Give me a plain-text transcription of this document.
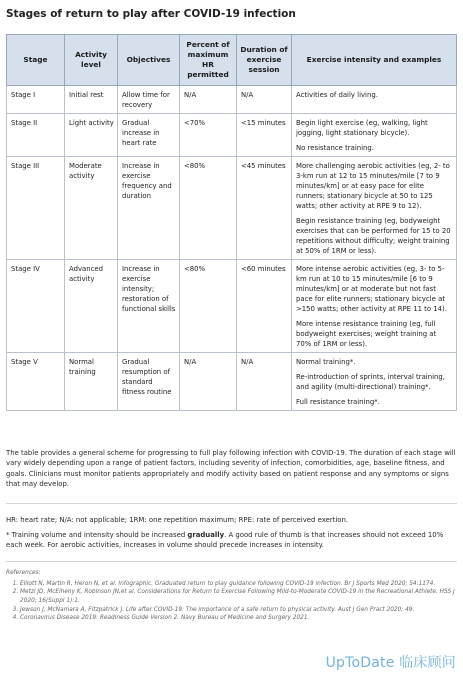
Stages of return to play after COVID-19 infection
Stage	Activity level	Objectives	Percent of maximum HR permitted	Duration of exercise session	Exercise intensity and examples
Stage I	Initial rest	Allow time for recovery	N/A	N/A	Activities of daily living.

Stage II	Light activity	Gradual increase in heart rate	<70%	<15 minutes	Begin light exercise (eg, walking, light jogging, light stationary bicycle).

No resistance training.

Stage III	Moderate activity	Increase in exercise frequency and duration	<80%	<45 minutes	More challenging aerobic activities (eg, 2- to 3-km run at 12 to 15 minutes/mile [7 to 9 minutes/km] or at easy pace for elite runners; stationary bicycle at 50 to 125 watts; other activity at RPE 9 to 12).

Begin resistance training (eg, bodyweight exercises that can be performed for 15 to 20 repetitions without difficulty; weight training at 50% of 1RM or less).

Stage IV	Advanced activity	Increase in exercise intensity; restoration of functional skills	<80%	<60 minutes	More intense aerobic activities (eg, 3- to 5-km run at 10 to 15 minutes/mile [6 to 9 minutes/km] or at moderate but not fast pace for elite runners; stationary bicycle at >150 watts; other activity at RPE 11 to 14).

More intense resistance training (eg, full bodyweight exercises; weight training at 70% of 1RM or less).

Stage V	Normal training	Gradual resumption of standard fitness routine	N/A	N/A	Normal training*.

Re-introduction of sprints, interval training, and agility (multi-directional) training*.

Full resistance training*.

The table provides a general scheme for progressing to full play following infection with COVID-19. The duration of each stage will vary widely depending upon a range of patient factors, including severity of infection, comorbidities, age, baseline fitness, and goals. Clinicians must monitor patients appropriately and modify activity based on patient response and any symptoms or signs that may develop.
HR: heart rate; N/A: not applicable; 1RM: one repetition maximum; RPE: rate of perceived exertion.
* Training volume and intensity should be increased gradually. A good rule of thumb is that increases should not exceed 10% each week. For aerobic activities, increases in volume should precede increases in intensity.
References:
1. Elliott N, Martin R, Heron N, et al. Infographic. Graduated return to play guidance following COVID-19 infection. Br J Sports Med 2020; 54:1174.
2. Metzl JD, McElheny K, Robinson JN,et al. Considerations for Return to Exercise Following Mild-to-Moderate COVID-19 in the Recreational Athlete. HSS J 2020; 16(Suppl 1):1.
3. Jewson J, McNamara A, Fitzpatrick J. Life after COVID-19: The importance of a safe return to physical activity. Aust J Gen Pract 2020; 49.
4. Coronavirus Disease 2019: Readiness Guide Version 2. Navy Bureau of Medicine and Surgery 2021.
UpToDate 临床顾问
